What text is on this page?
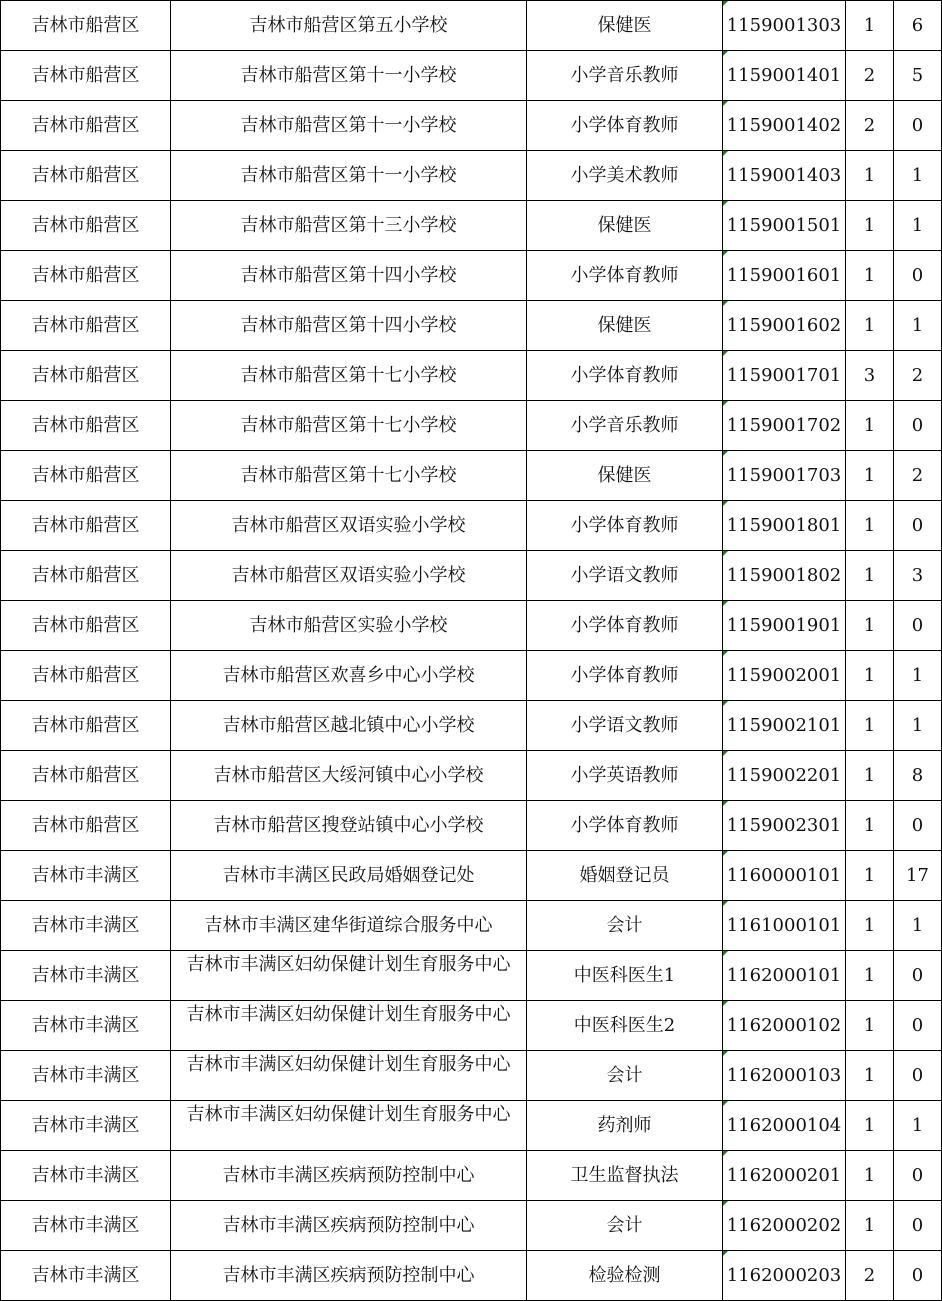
吉林市船营区	吉林市船营区第五小学校	保健医	1159001303	1	6
吉林市船营区	吉林市船营区第十一小学校	小学音乐教师	1159001401	2	5
吉林市船营区	吉林市船营区第十一小学校	小学体育教师	1159001402	2	0
吉林市船营区	吉林市船营区第十一小学校	小学美术教师	1159001403	1	1
吉林市船营区	吉林市船营区第十三小学校	保健医	1159001501	1	1
吉林市船营区	吉林市船营区第十四小学校	小学体育教师	1159001601	1	0
吉林市船营区	吉林市船营区第十四小学校	保健医	1159001602	1	1
吉林市船营区	吉林市船营区第十七小学校	小学体育教师	1159001701	3	2
吉林市船营区	吉林市船营区第十七小学校	小学音乐教师	1159001702	1	0
吉林市船营区	吉林市船营区第十七小学校	保健医	1159001703	1	2
吉林市船营区	吉林市船营区双语实验小学校	小学体育教师	1159001801	1	0
吉林市船营区	吉林市船营区双语实验小学校	小学语文教师	1159001802	1	3
吉林市船营区	吉林市船营区实验小学校	小学体育教师	1159001901	1	0
吉林市船营区	吉林市船营区欢喜乡中心小学校	小学体育教师	1159002001	1	1
吉林市船营区	吉林市船营区越北镇中心小学校	小学语文教师	1159002101	1	1
吉林市船营区	吉林市船营区大绥河镇中心小学校	小学英语教师	1159002201	1	8
吉林市船营区	吉林市船营区搜登站镇中心小学校	小学体育教师	1159002301	1	0
吉林市丰满区	吉林市丰满区民政局婚姻登记处	婚姻登记员	1160000101	1	17
吉林市丰满区	吉林市丰满区建华街道综合服务中心	会计	1161000101	1	1
吉林市丰满区	吉林市丰满区妇幼保健计划生育服务中心	中医科医生1	1162000101	1	0
吉林市丰满区	吉林市丰满区妇幼保健计划生育服务中心	中医科医生2	1162000102	1	0
吉林市丰满区	吉林市丰满区妇幼保健计划生育服务中心	会计	1162000103	1	0
吉林市丰满区	吉林市丰满区妇幼保健计划生育服务中心	药剂师	1162000104	1	1
吉林市丰满区	吉林市丰满区疾病预防控制中心	卫生监督执法	1162000201	1	0
吉林市丰满区	吉林市丰满区疾病预防控制中心	会计	1162000202	1	0
吉林市丰满区	吉林市丰满区疾病预防控制中心	检验检测	1162000203	2	0
